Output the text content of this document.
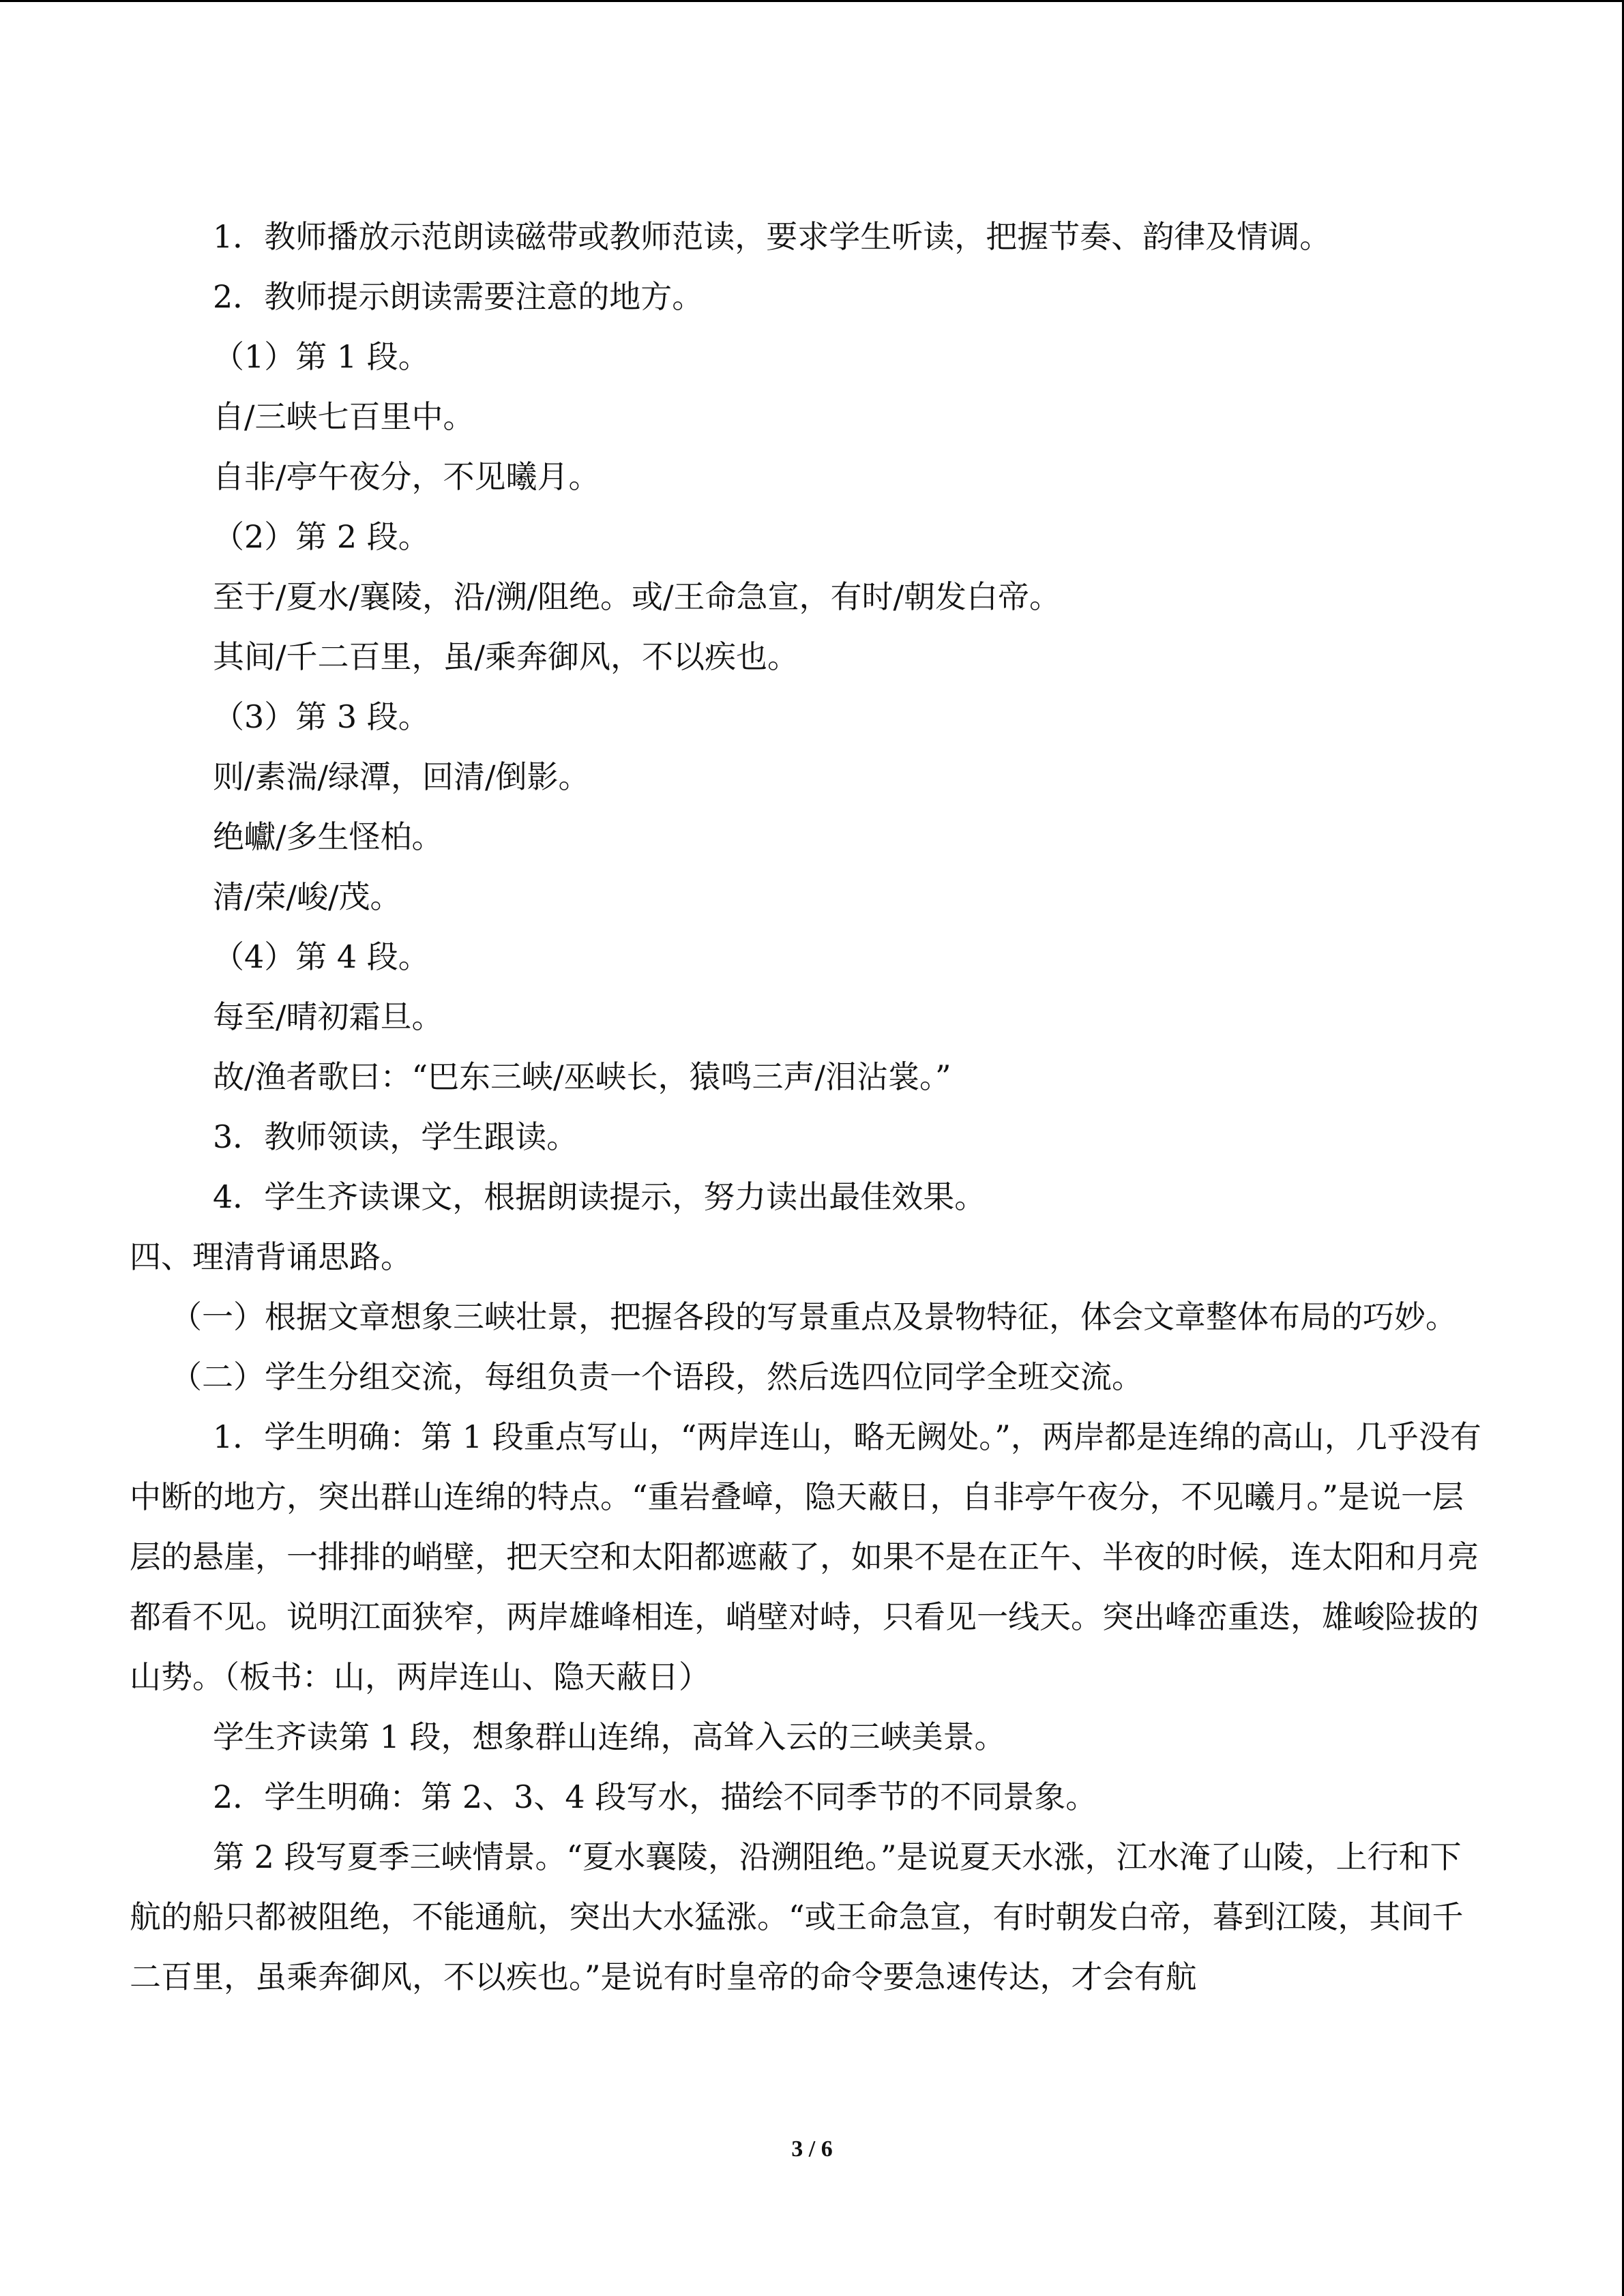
1．教师播放示范朗读磁带或教师范读，要求学生听读，把握节奏、韵律及情调。

2．教师提示朗读需要注意的地方。

（1）第 1 段。

自/三峡七百里中。

自非/亭午夜分，不见曦月。

（2）第 2 段。

至于/夏水/襄陵，沿/溯/阻绝。或/王命急宣，有时/朝发白帝。

其间/千二百里，虽/乘奔御风，不以疾也。

（3）第 3 段。

则/素湍/绿潭，回清/倒影。

绝巘/多生怪柏。

清/荣/峻/茂。

（4）第 4 段。

每至/晴初霜旦。

故/渔者歌曰：“巴东三峡/巫峡长，猿鸣三声/泪沾裳。”

3．教师领读，学生跟读。

4．学生齐读课文，根据朗读提示，努力读出最佳效果。

四、理清背诵思路。

（一）根据文章想象三峡壮景，把握各段的写景重点及景物特征，体会文章整体布局的巧妙。

（二）学生分组交流，每组负责一个语段，然后选四位同学全班交流。

1．学生明确：第 1 段重点写山，“两岸连山，略无阙处。”，两岸都是连绵的高山，几乎没有中断的地方，突出群山连绵的特点。“重岩叠嶂，隐天蔽日，自非亭午夜分，不见曦月。”是说一层层的悬崖，一排排的峭壁，把天空和太阳都遮蔽了，如果不是在正午、半夜的时候，连太阳和月亮都看不见。说明江面狭窄，两岸雄峰相连，峭壁对峙，只看见一线天。突出峰峦重迭，雄峻险拔的山势。（板书：山，两岸连山、隐天蔽日）

学生齐读第 1 段，想象群山连绵，高耸入云的三峡美景。

2．学生明确：第 2、3、4 段写水，描绘不同季节的不同景象。

第 2 段写夏季三峡情景。“夏水襄陵，沿溯阻绝。”是说夏天水涨，江水淹了山陵，上行和下航的船只都被阻绝，不能通航，突出大水猛涨。“或王命急宣，有时朝发白帝，暮到江陵，其间千二百里，虽乘奔御风，不以疾也。”是说有时皇帝的命令要急速传达，才会有航

3 / 6
